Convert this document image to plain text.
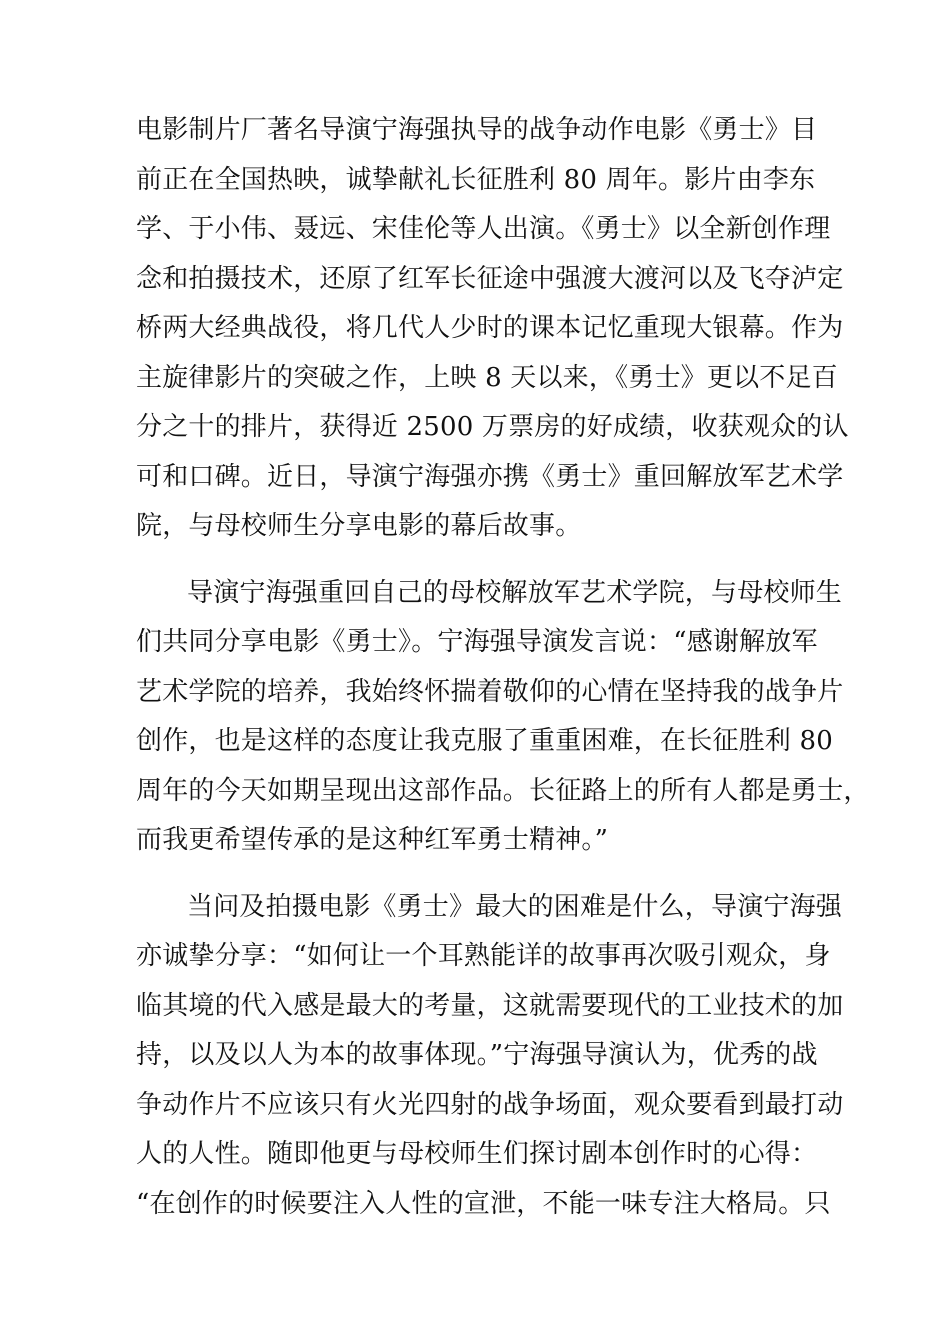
电影制片厂著名导演宁海强执导的战争动作电影《勇士》目
前正在全国热映，诚挚献礼长征胜利 80 周年。影片由李东
学、于小伟、聂远、宋佳伦等人出演。《勇士》以全新创作理
念和拍摄技术，还原了红军长征途中强渡大渡河以及飞夺泸定
桥两大经典战役，将几代人少时的课本记忆重现大银幕。作为
主旋律影片的突破之作，上映 8 天以来，《勇士》更以不足百
分之十的排片，获得近 2500 万票房的好成绩，收获观众的认
可和口碑。近日，导演宁海强亦携《勇士》重回解放军艺术学
院，与母校师生分享电影的幕后故事。
导演宁海强重回自己的母校解放军艺术学院，与母校师生
们共同分享电影《勇士》。宁海强导演发言说：“感谢解放军
艺术学院的培养，我始终怀揣着敬仰的心情在坚持我的战争片
创作，也是这样的态度让我克服了重重困难，在长征胜利 80
周年的今天如期呈现出这部作品。长征路上的所有人都是勇士，
而我更希望传承的是这种红军勇士精神。”
当问及拍摄电影《勇士》最大的困难是什么，导演宁海强
亦诚挚分享：“如何让一个耳熟能详的故事再次吸引观众，身
临其境的代入感是最大的考量，这就需要现代的工业技术的加
持，以及以人为本的故事体现。”宁海强导演认为，优秀的战
争动作片不应该只有火光四射的战争场面，观众要看到最打动
人的人性。随即他更与母校师生们探讨剧本创作时的心得：
“在创作的时候要注入人性的宣泄，不能一味专注大格局。只
